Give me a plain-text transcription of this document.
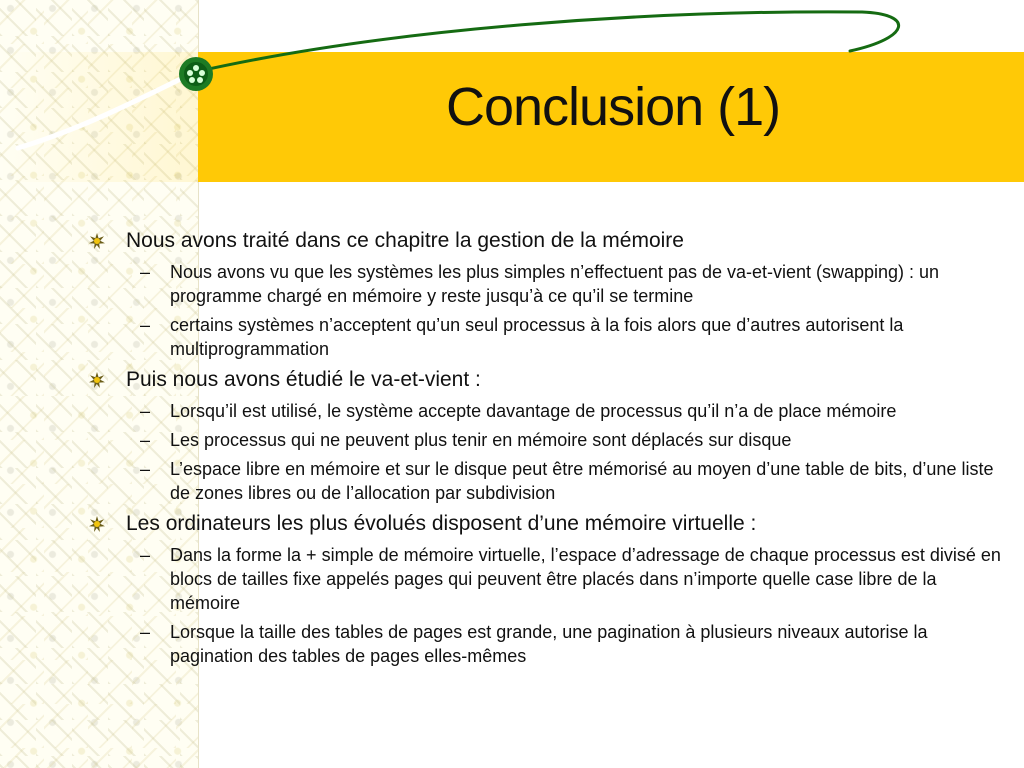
Conclusion (1)
Nous avons traité dans ce chapitre la gestion de la mémoire
– Nous avons vu que les systèmes les plus simples n’effectuent pas de va-et-vient (swapping) : un programme chargé en mémoire y reste jusqu’à ce qu’il se termine
– certains systèmes n’acceptent qu’un seul processus à la fois alors que d’autres autorisent la multiprogrammation
Puis nous avons étudié le va-et-vient :
– Lorsqu’il est utilisé, le système accepte davantage de processus qu’il n’a de place mémoire
– Les processus qui ne peuvent plus tenir en mémoire sont déplacés sur disque
– L’espace libre en mémoire et sur le disque peut être mémorisé au moyen d’une table de bits, d’une liste de zones libres ou de l’allocation par subdivision
Les ordinateurs les plus évolués disposent d’une mémoire virtuelle :
– Dans la forme la + simple de mémoire virtuelle, l’espace d’adressage de chaque processus est divisé en blocs de tailles fixe appelés pages qui peuvent être placés dans n’importe quelle case libre de la mémoire
– Lorsque la taille des tables de pages est grande, une pagination à plusieurs niveaux autorise la pagination des tables de pages elles-mêmes
